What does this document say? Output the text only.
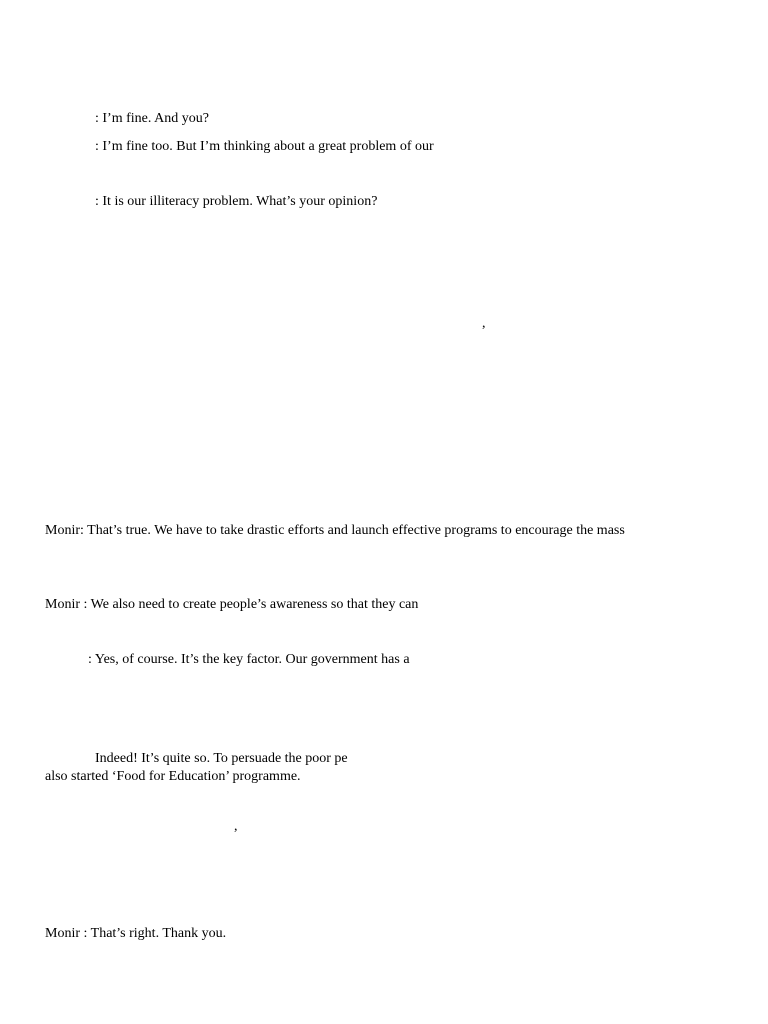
: I’m fine. And you?

: I’m fine too. But I’m thinking about a great problem of our

: It is our illiteracy problem. What’s your opinion?

,

Monir: That’s true. We have to take drastic efforts and launch effective programs to encourage the mass

Monir : We also need to create people’s awareness so that they can

: Yes, of course. It’s the key factor. Our government has a

Indeed! It’s quite so. To persuade the poor pe

also started ‘Food for Education’ programme.

,

Monir : That’s right. Thank you.
